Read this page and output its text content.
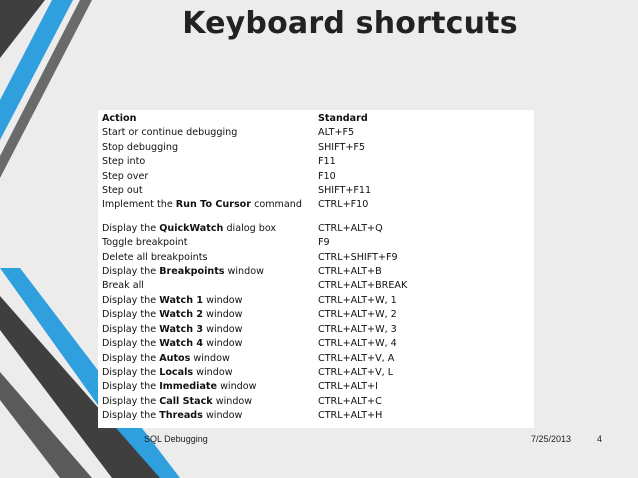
Keyboard shortcuts
Action	Standard
Start or continue debugging	ALT+F5
Stop debugging	SHIFT+F5
Step into	F11
Step over	F10
Step out	SHIFT+F11
Implement the Run To Cursor command	CTRL+F10

Display the QuickWatch dialog box	CTRL+ALT+Q
Toggle breakpoint	F9
Delete all breakpoints	CTRL+SHIFT+F9
Display the Breakpoints window	CTRL+ALT+B
Break all	CTRL+ALT+BREAK
Display the Watch 1 window	CTRL+ALT+W, 1
Display the Watch 2 window	CTRL+ALT+W, 2
Display the Watch 3 window	CTRL+ALT+W, 3
Display the Watch 4 window	CTRL+ALT+W, 4
Display the Autos window	CTRL+ALT+V, A
Display the Locals window	CTRL+ALT+V, L
Display the Immediate window	CTRL+ALT+I
Display the Call Stack window	CTRL+ALT+C
Display the Threads window	CTRL+ALT+H
SQL Debugging	7/25/2013	4
